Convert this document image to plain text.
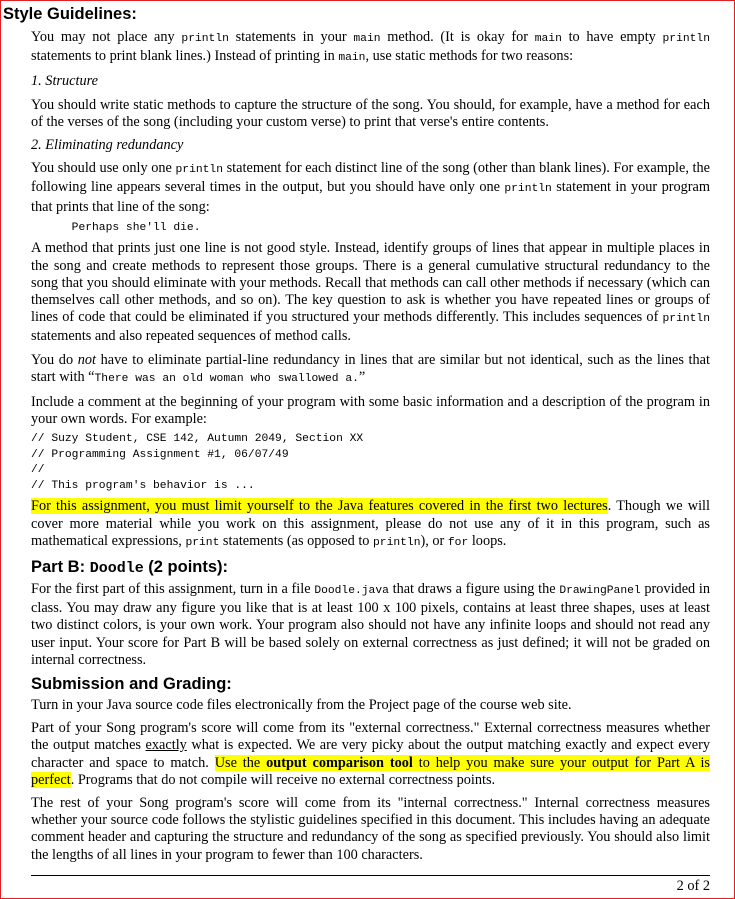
Style Guidelines:

You may not place any println statements in your main method. (It is okay for main to have empty println statements to print blank lines.) Instead of printing in main, use static methods for two reasons:

1. Structure

You should write static methods to capture the structure of the song. You should, for example, have a method for each of the verses of the song (including your custom verse) to print that verse's entire contents.

2. Eliminating redundancy

You should use only one println statement for each distinct line of the song (other than blank lines). For example, the following line appears several times in the output, but you should have only one println statement in your program that prints that line of the song:

Perhaps she'll die.

A method that prints just one line is not good style. Instead, identify groups of lines that appear in multiple places in the song and create methods to represent those groups. There is a general cumulative structural redundancy to the song that you should eliminate with your methods. Recall that methods can call other methods if necessary (which can themselves call other methods, and so on). The key question to ask is whether you have repeated lines or groups of lines of code that could be eliminated if you structured your methods differently. This includes sequences of println statements and also repeated sequences of method calls.

You do not have to eliminate partial-line redundancy in lines that are similar but not identical, such as the lines that start with “There was an old woman who swallowed a.”

Include a comment at the beginning of your program with some basic information and a description of the program in your own words. For example:

// Suzy Student, CSE 142, Autumn 2049, Section XX
// Programming Assignment #1, 06/07/49
//
// This program's behavior is ...

For this assignment, you must limit yourself to the Java features covered in the first two lectures. Though we will cover more material while you work on this assignment, please do not use any of it in this program, such as mathematical expressions, print statements (as opposed to println), or for loops.

Part B: Doodle (2 points):

For the first part of this assignment, turn in a file Doodle.java that draws a figure using the DrawingPanel provided in class. You may draw any figure you like that is at least 100 x 100 pixels, contains at least three shapes, uses at least two distinct colors, is your own work. Your program also should not have any infinite loops and should not read any user input. Your score for Part B will be based solely on external correctness as just defined; it will not be graded on internal correctness.

Submission and Grading:

Turn in your Java source code files electronically from the Project page of the course web site.

Part of your Song program's score will come from its "external correctness." External correctness measures whether the output matches exactly what is expected. We are very picky about the output matching exactly and expect every character and space to match. Use the output comparison tool to help you make sure your output for Part A is perfect. Programs that do not compile will receive no external correctness points.

The rest of your Song program's score will come from its "internal correctness." Internal correctness measures whether your source code follows the stylistic guidelines specified in this document. This includes having an adequate comment header and capturing the structure and redundancy of the song as specified previously. You should also limit the lengths of all lines in your program to fewer than 100 characters.

2 of 2
